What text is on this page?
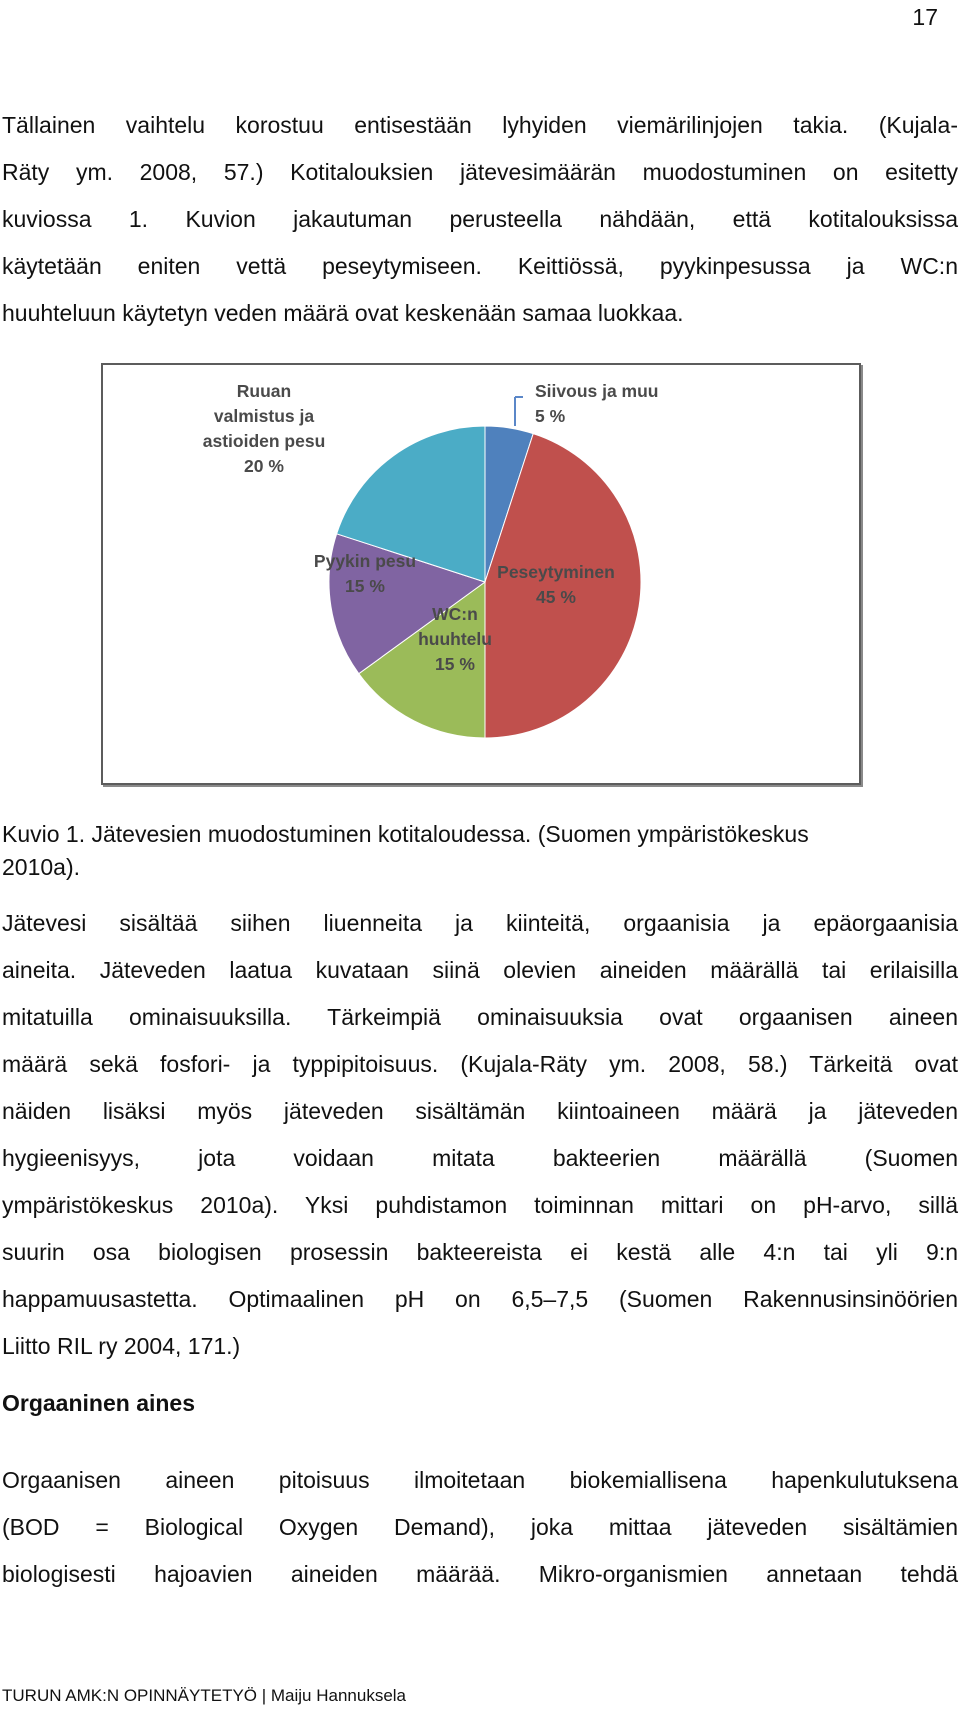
17

Tällainen vaihtelu korostuu entisestään lyhyiden viemärilinjojen takia. (Kujala-
Räty ym. 2008, 57.) Kotitalouksien jätevesimäärän muodostuminen on esitetty
kuviossa 1. Kuvion jakautuman perusteella nähdään, että kotitalouksissa
käytetään eniten vettä peseytymiseen. Keittiössä, pyykinpesussa ja WC:n
huuhteluun käytetyn veden määrä ovat keskenään samaa luokkaa.

Siivous ja muu 5 %
Peseytyminen 45 %
WC:n huuhtelu 15 %
Pyykin pesu 15 %
Ruuan valmistus ja astioiden pesu 20 %
Kuvio 1. Jätevesien muodostuminen kotitaloudessa. (Suomen ympäristökeskus
2010a).

Jätevesi sisältää siihen liuenneita ja kiinteitä, orgaanisia ja epäorgaanisia
aineita. Jäteveden laatua kuvataan siinä olevien aineiden määrällä tai erilaisilla
mitatuilla ominaisuuksilla. Tärkeimpiä ominaisuuksia ovat orgaanisen aineen
määrä sekä fosfori- ja typpipitoisuus. (Kujala-Räty ym. 2008, 58.) Tärkeitä ovat
näiden lisäksi myös jäteveden sisältämän kiintoaineen määrä ja jäteveden
hygieenisyys, jota voidaan mitata bakteerien määrällä (Suomen
ympäristökeskus 2010a). Yksi puhdistamon toiminnan mittari on pH-arvo, sillä
suurin osa biologisen prosessin bakteereista ei kestä alle 4:n tai yli 9:n
happamuusastetta. Optimaalinen pH on 6,5–7,5 (Suomen Rakennusinsinöörien
Liitto RIL ry 2004, 171.)

Orgaaninen aines

Orgaanisen aineen pitoisuus ilmoitetaan biokemiallisena hapenkulutuksena
(BOD = Biological Oxygen Demand), joka mittaa jäteveden sisältämien
biologisesti hajoavien aineiden määrää. Mikro-organismien annetaan tehdä

TURUN AMK:N OPINNÄYTETYÖ | Maiju Hannuksela
